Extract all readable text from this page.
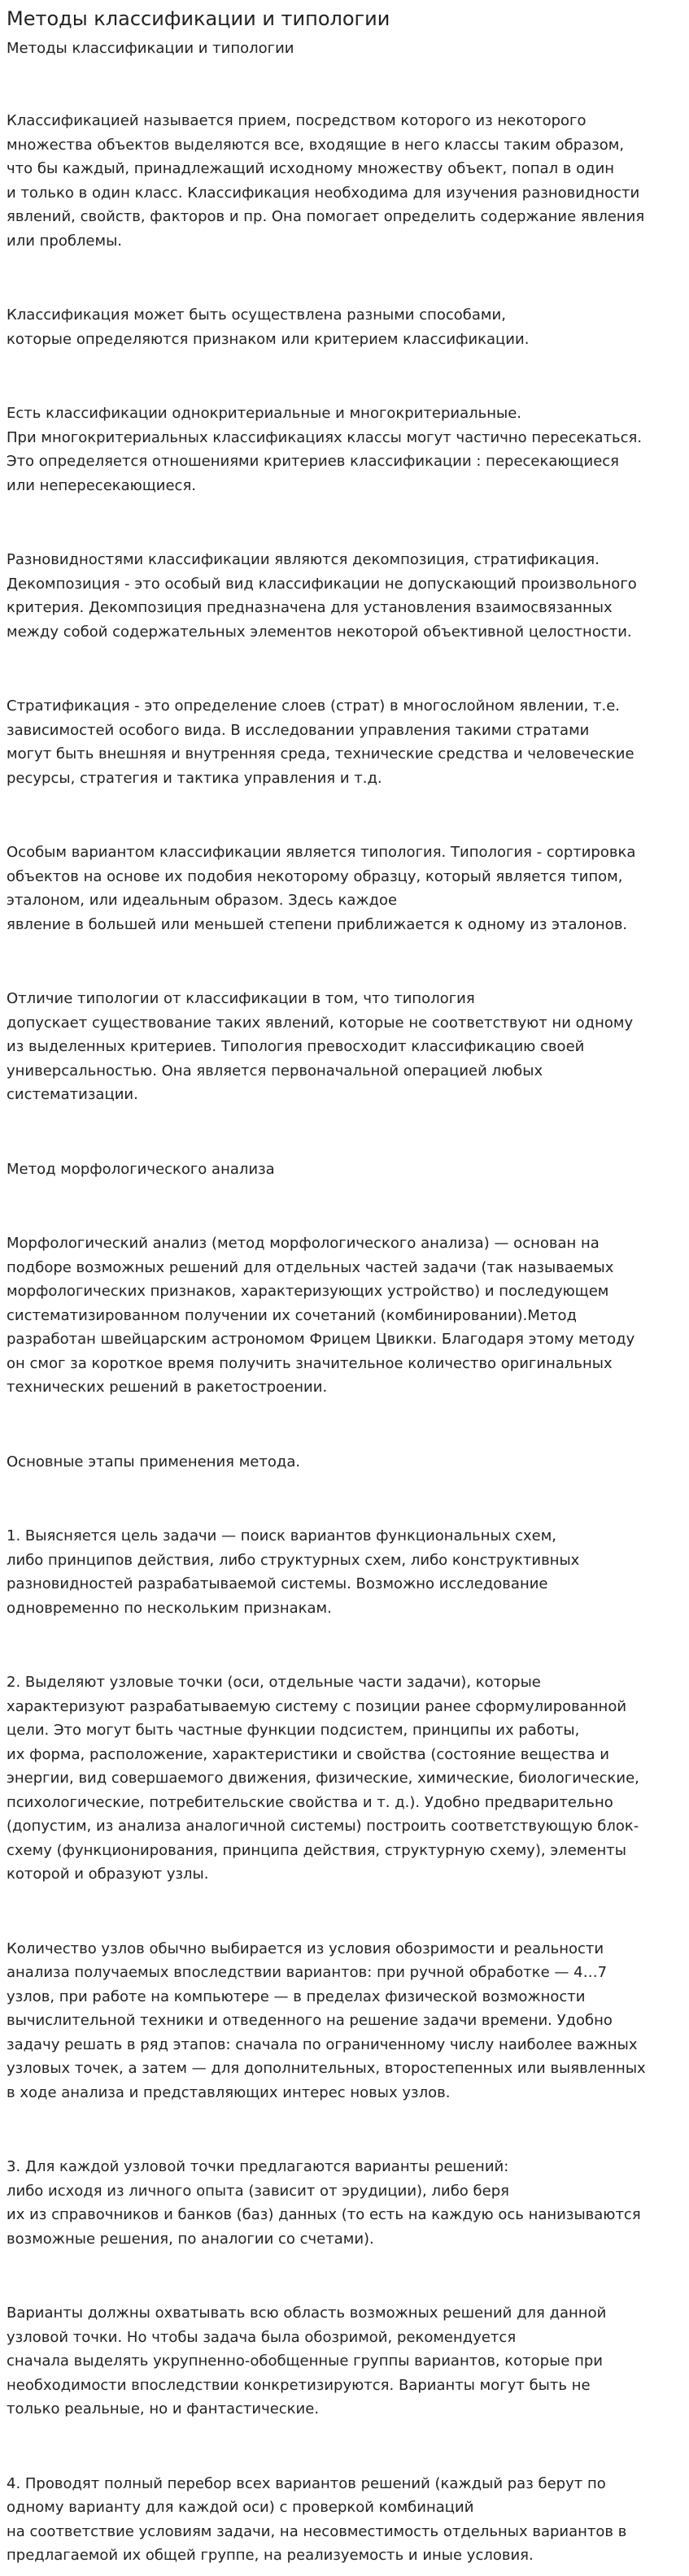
Методы классификации и типологии
Методы классификации и типологии

Классификацией называется прием, посредством которого из некоторого
множества объектов выделяются все, входящие в него классы таким образом,
что бы каждый, принадлежащий исходному множеству объект, попал в один
и только в один класс. Классификация необходима для изучения разновидности
явлений, свойств, факторов и пр. Она помогает определить содержание явления
или проблемы.

Классификация может быть осуществлена разными способами,
которые определяются признаком или критерием классификации.

Есть классификации однокритериальные и многокритериальные.
При многокритериальных классификациях классы могут частично пересекаться.
Это определяется отношениями критериев классификации : пересекающиеся
или непересекающиеся.

Разновидностями классификации являются декомпозиция, стратификация.
Декомпозиция - это особый вид классификации не допускающий произвольного
критерия. Декомпозиция предназначена для установления взаимосвязанных
между собой содержательных элементов некоторой объективной целостности.

Стратификация - это определение слоев (страт) в многослойном явлении, т.е.
зависимостей особого вида. В исследовании управления такими стратами
могут быть внешняя и внутренняя среда, технические средства и человеческие
ресурсы, стратегия и тактика управления и т.д.

Особым вариантом классификации является типология. Типология - сортировка
объектов на основе их подобия некоторому образцу, который является типом,
эталоном, или идеальным образом. Здесь каждое
явление в большей или меньшей степени приближается к одному из эталонов.

Отличие типологии от классификации в том, что типология
допускает существование таких явлений, которые не соответствуют ни одному
из выделенных критериев. Типология превосходит классификацию своей
универсальностью. Она является первоначальной операцией любых
систематизации.

Метод морфологического анализа

Морфологический анализ (метод морфологического анализа) — основан на
подборе возможных решений для отдельных частей задачи (так называемых
морфологических признаков, характеризующих устройство) и последующем
систематизированном получении их сочетаний (комбинировании).Метод
разработан швейцарским астрономом Фрицем Цвикки. Благодаря этому методу
он смог за короткое время получить значительное количество оригинальных
технических решений в ракетостроении.

Основные этапы применения метода.

1. Выясняется цель задачи — поиск вариантов функциональных схем,
либо принципов действия, либо структурных схем, либо конструктивных
разновидностей разрабатываемой системы. Возможно исследование
одновременно по нескольким признакам.

2. Выделяют узловые точки (оси, отдельные части задачи), которые
характеризуют разрабатываемую систему с позиции ранее сформулированной
цели. Это могут быть частные функции подсистем, принципы их работы,
их форма, расположение, характеристики и свойства (состояние вещества и
энергии, вид совершаемого движения, физические, химические, биологические,
психологические, потребительские свойства и т. д.). Удобно предварительно
(допустим, из анализа аналогичной системы) построить соответствующую блок-
схему (функционирования, принципа действия, структурную схему), элементы
которой и образуют узлы.

Количество узлов обычно выбирается из условия обозримости и реальности
анализа получаемых впоследствии вариантов: при ручной обработке — 4…7
узлов, при работе на компьютере — в пределах физической возможности
вычислительной техники и отведенного на решение задачи времени. Удобно
задачу решать в ряд этапов: сначала по ограниченному числу наиболее важных
узловых точек, а затем — для дополнительных, второстепенных или выявленных
в ходе анализа и представляющих интерес новых узлов.

3. Для каждой узловой точки предлагаются варианты решений:
либо исходя из личного опыта (зависит от эрудиции), либо беря
их из справочников и банков (баз) данных (то есть на каждую ось нанизываются
возможные решения, по аналогии со счетами).

Варианты должны охватывать всю область возможных решений для данной
узловой точки. Но чтобы задача была обозримой, рекомендуется
сначала выделять укрупненно-обобщенные группы вариантов, которые при
необходимости впоследствии конкретизируются. Варианты могут быть не
только реальные, но и фантастические.

4. Проводят полный перебор всех вариантов решений (каждый раз берут по
одному варианту для каждой оси) с проверкой комбинаций
на соответствие условиям задачи, на несовместимость отдельных вариантов в
предлагаемой их общей группе, на реализуемость и иные условия.
